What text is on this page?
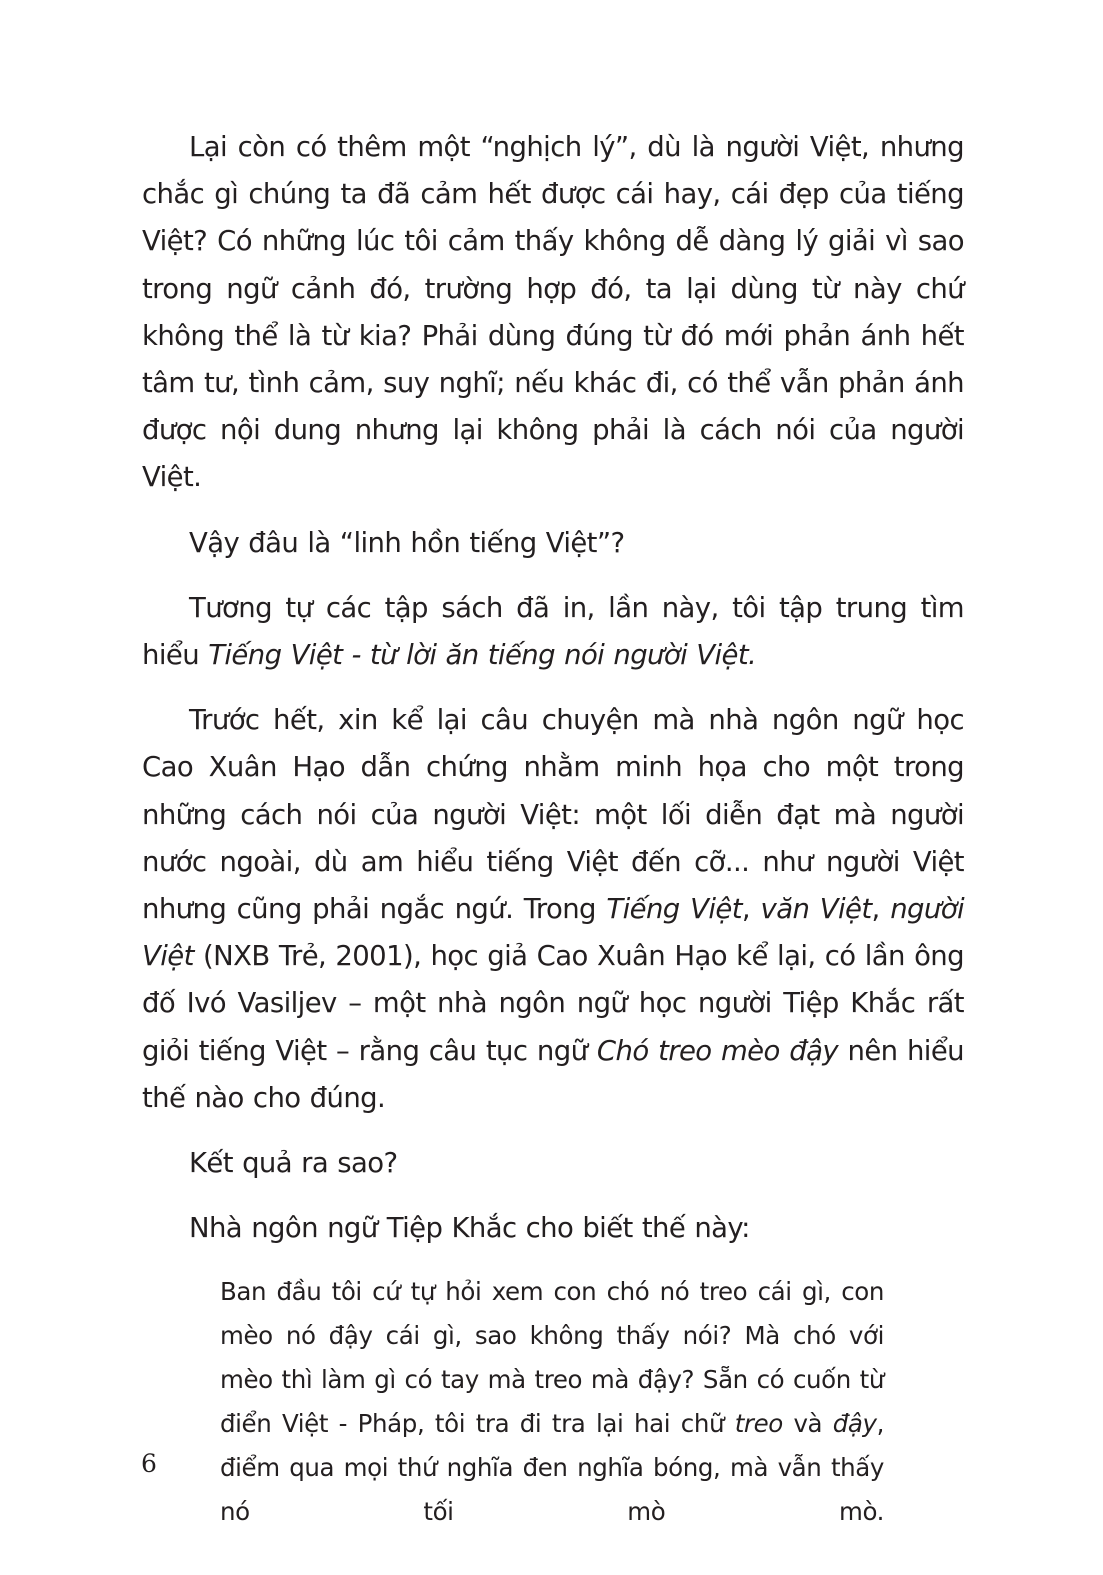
Lại còn có thêm một “nghịch lý”, dù là người Việt, nhưng chắc gì chúng ta đã cảm hết được cái hay, cái đẹp của tiếng Việt? Có những lúc tôi cảm thấy không dễ dàng lý giải vì sao trong ngữ cảnh đó, trường hợp đó, ta lại dùng từ này chứ không thể là từ kia? Phải dùng đúng từ đó mới phản ánh hết tâm tư, tình cảm, suy nghĩ; nếu khác đi, có thể vẫn phản ánh được nội dung nhưng lại không phải là cách nói của người Việt.

Vậy đâu là “linh hồn tiếng Việt”?

Tương tự các tập sách đã in, lần này, tôi tập trung tìm hiểu Tiếng Việt - từ lời ăn tiếng nói người Việt.

Trước hết, xin kể lại câu chuyện mà nhà ngôn ngữ học Cao Xuân Hạo dẫn chứng nhằm minh họa cho một trong những cách nói của người Việt: một lối diễn đạt mà người nước ngoài, dù am hiểu tiếng Việt đến cỡ... như người Việt nhưng cũng phải ngắc ngứ. Trong Tiếng Việt, văn Việt, người Việt (NXB Trẻ, 2001), học giả Cao Xuân Hạo kể lại, có lần ông đố Ivó Vasiljev – một nhà ngôn ngữ học người Tiệp Khắc rất giỏi tiếng Việt – rằng câu tục ngữ Chó treo mèo đậy nên hiểu thế nào cho đúng.

Kết quả ra sao?

Nhà ngôn ngữ Tiệp Khắc cho biết thế này:

Ban đầu tôi cứ tự hỏi xem con chó nó treo cái gì, con mèo nó đậy cái gì, sao không thấy nói? Mà chó với mèo thì làm gì có tay mà treo mà đậy? Sẵn có cuốn từ điển Việt - Pháp, tôi tra đi tra lại hai chữ treo và đậy, điểm qua mọi thứ nghĩa đen nghĩa bóng, mà vẫn thấy nó tối mò mò.

6
